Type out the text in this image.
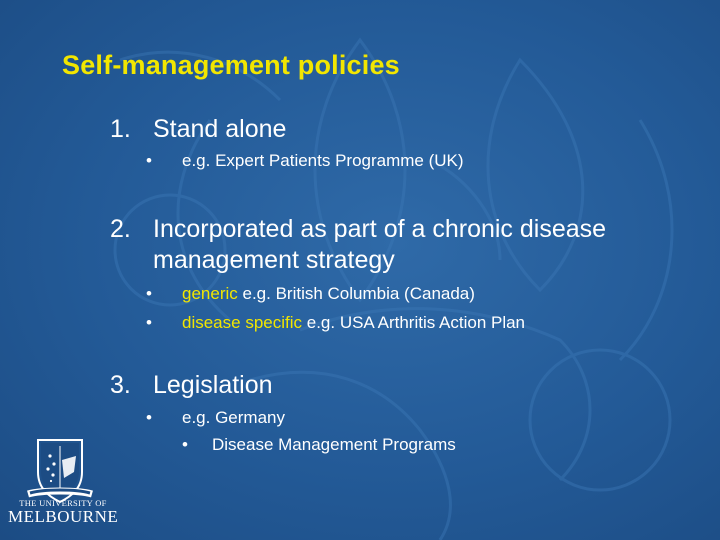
Self-management policies
1. Stand alone
• e.g. Expert Patients Programme (UK)
2. Incorporated as part of a chronic disease
management strategy
• generic e.g. British Columbia (Canada)
• disease specific e.g. USA Arthritis Action Plan
3. Legislation
• e.g. Germany
• Disease Management Programs
THE UNIVERSITY OF
MELBOURNE
